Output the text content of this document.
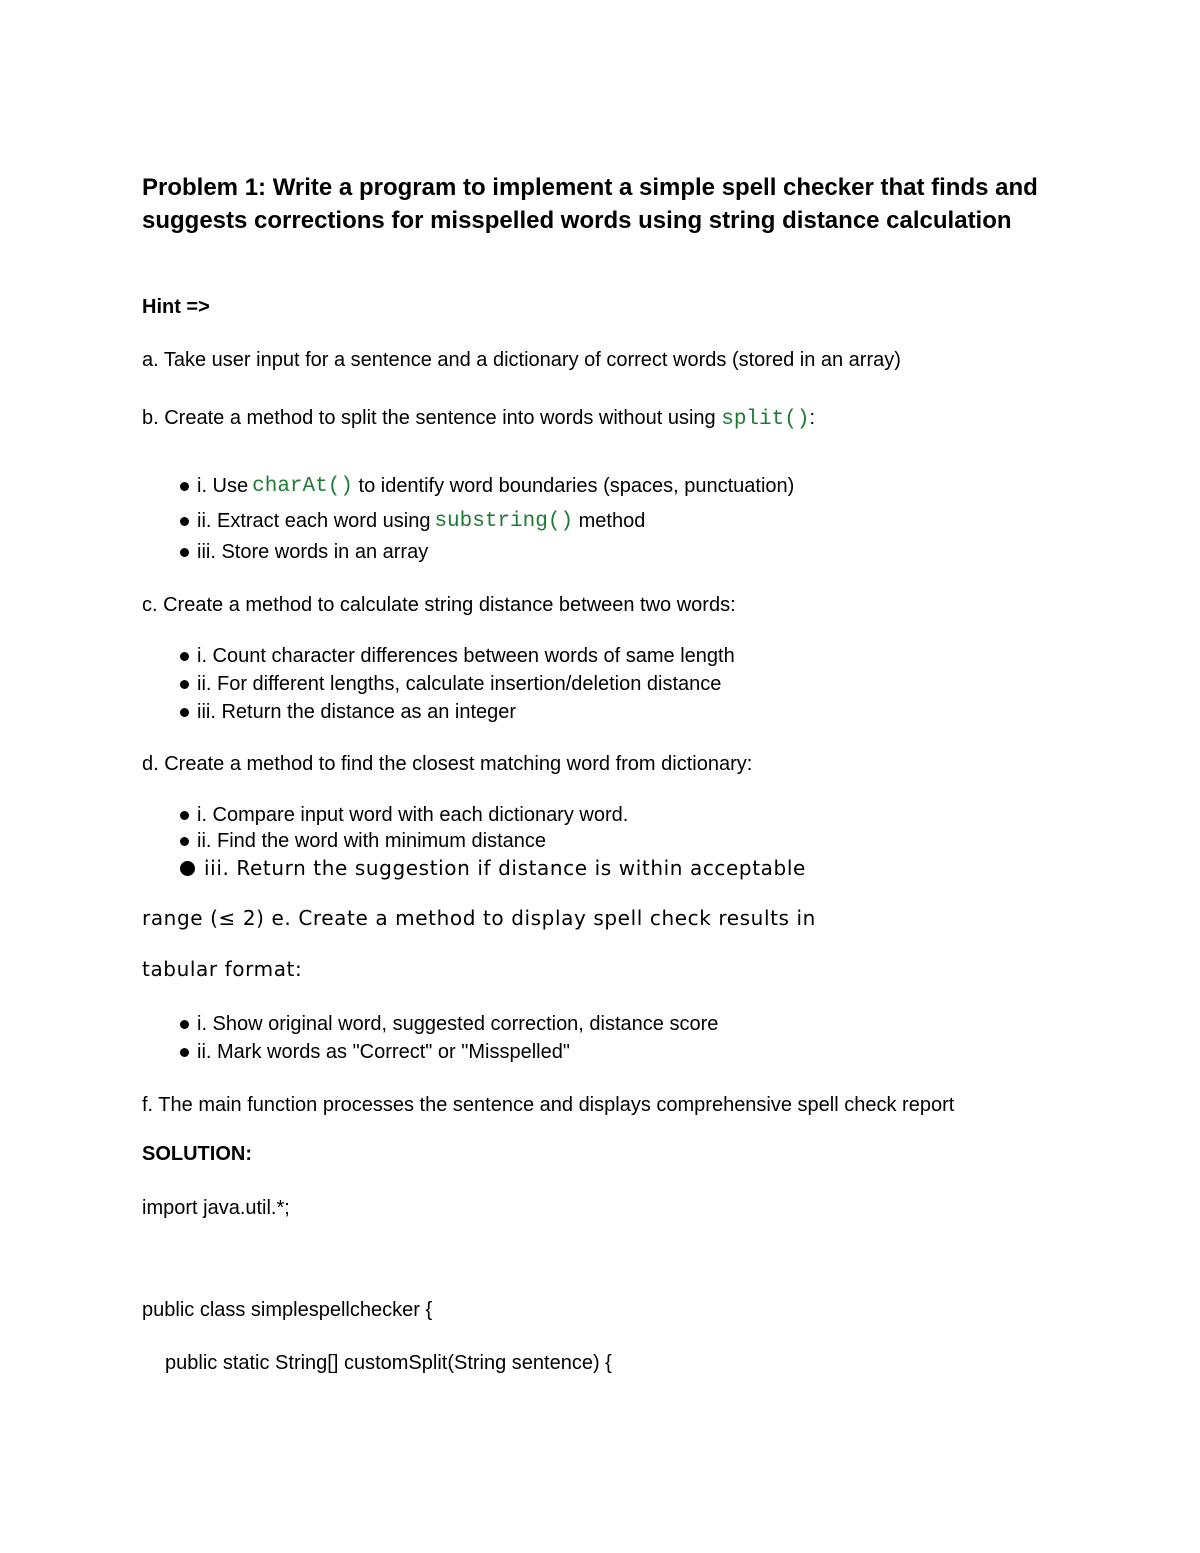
Problem 1: Write a program to implement a simple spell checker that finds and suggests corrections for misspelled words using string distance calculation
Hint =>
a. Take user input for a sentence and a dictionary of correct words (stored in an array)
b. Create a method to split the sentence into words without using split():
i. Use charAt() to identify word boundaries (spaces, punctuation)
ii. Extract each word using substring() method
iii. Store words in an array
c. Create a method to calculate string distance between two words:
i. Count character differences between words of same length
ii. For different lengths, calculate insertion/deletion distance
iii. Return the distance as an integer
d. Create a method to find the closest matching word from dictionary:
i. Compare input word with each dictionary word.
ii. Find the word with minimum distance
iii. Return the suggestion if distance is within acceptable
range (≤ 2) e. Create a method to display spell check results in
tabular format:
i. Show original word, suggested correction, distance score
ii. Mark words as "Correct" or "Misspelled"
f. The main function processes the sentence and displays comprehensive spell check report
SOLUTION:
import java.util.*;
public class simplespellchecker {
public static String[] customSplit(String sentence) {
